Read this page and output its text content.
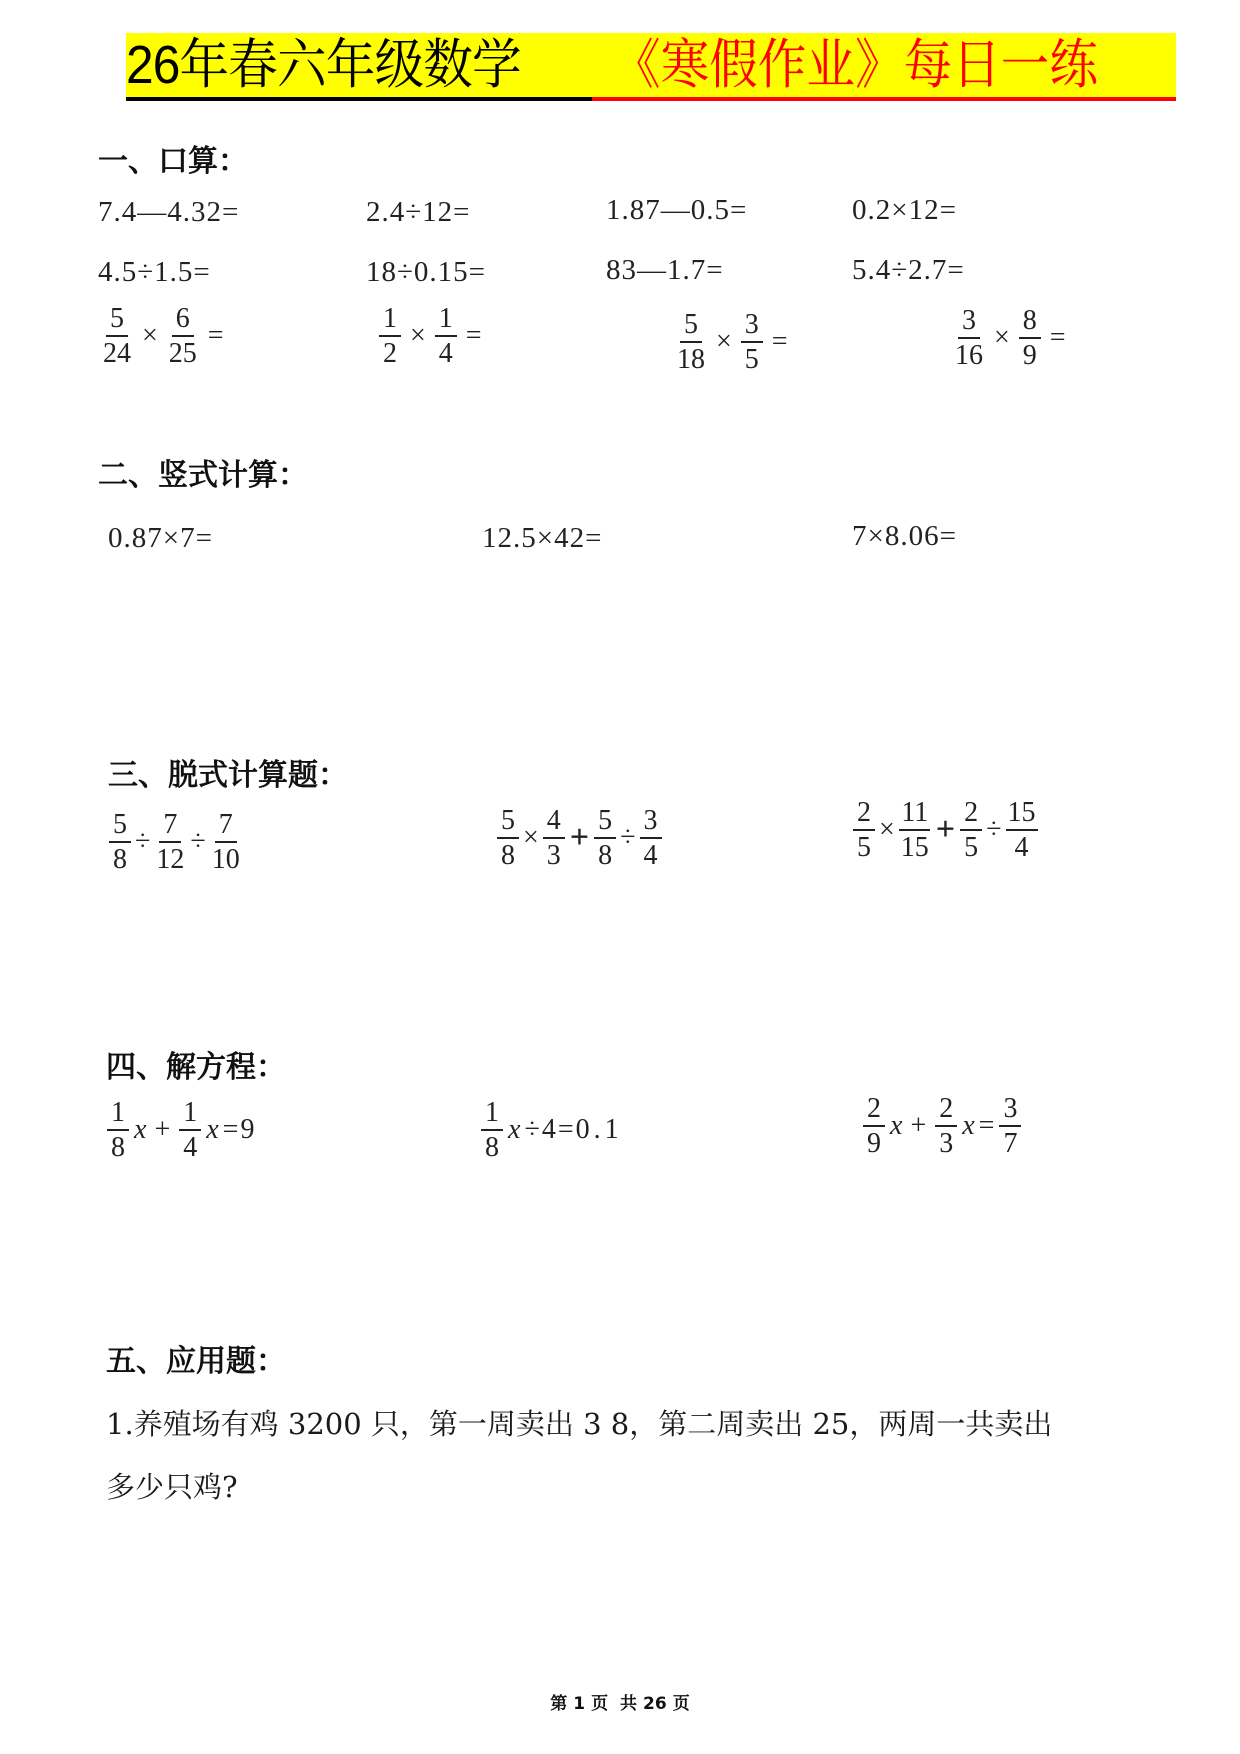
26年春六年级数学 《寒假作业》每日一练
一、口算：
7.4—4.32=	2.4÷12=	1.87—0.5=	0.2×12=
4.5÷1.5=	18÷0.15=	83—1.7=	5.4÷2.7=
$\frac{5}{24} \times \frac{6}{25}$ =	$\frac{1}{2} \times \frac{1}{4}$ =	$\frac{5}{18} \times \frac{3}{5}$ =	$\frac{3}{16} \times \frac{8}{9}$ =
二、竖式计算：
0.87×7=	12.5×42=	7×8.06=
三、脱式计算题：
$\frac{5}{8} \div \frac{7}{12} \div \frac{7}{10}$	$\frac{5}{8} \times \frac{4}{3} + \frac{5}{8} \div \frac{3}{4}$	$\frac{2}{5} \times \frac{11}{15} + \frac{2}{5} \div \frac{15}{4}$
四、解方程：
$\frac{1}{8}$ $x + \frac{1}{4}$ x = 9	$\frac{1}{8}$ x ÷ 4 = 0.1	$\frac{2}{9}$ $x + \frac{2}{3}$ $x = \frac{3}{7}$
五、应用题：
1.养殖场有鸡 3200 只，第一周卖出 3 8，第二周卖出 25，两周一共卖出
多少只鸡?
第 1 页 共 26 页
